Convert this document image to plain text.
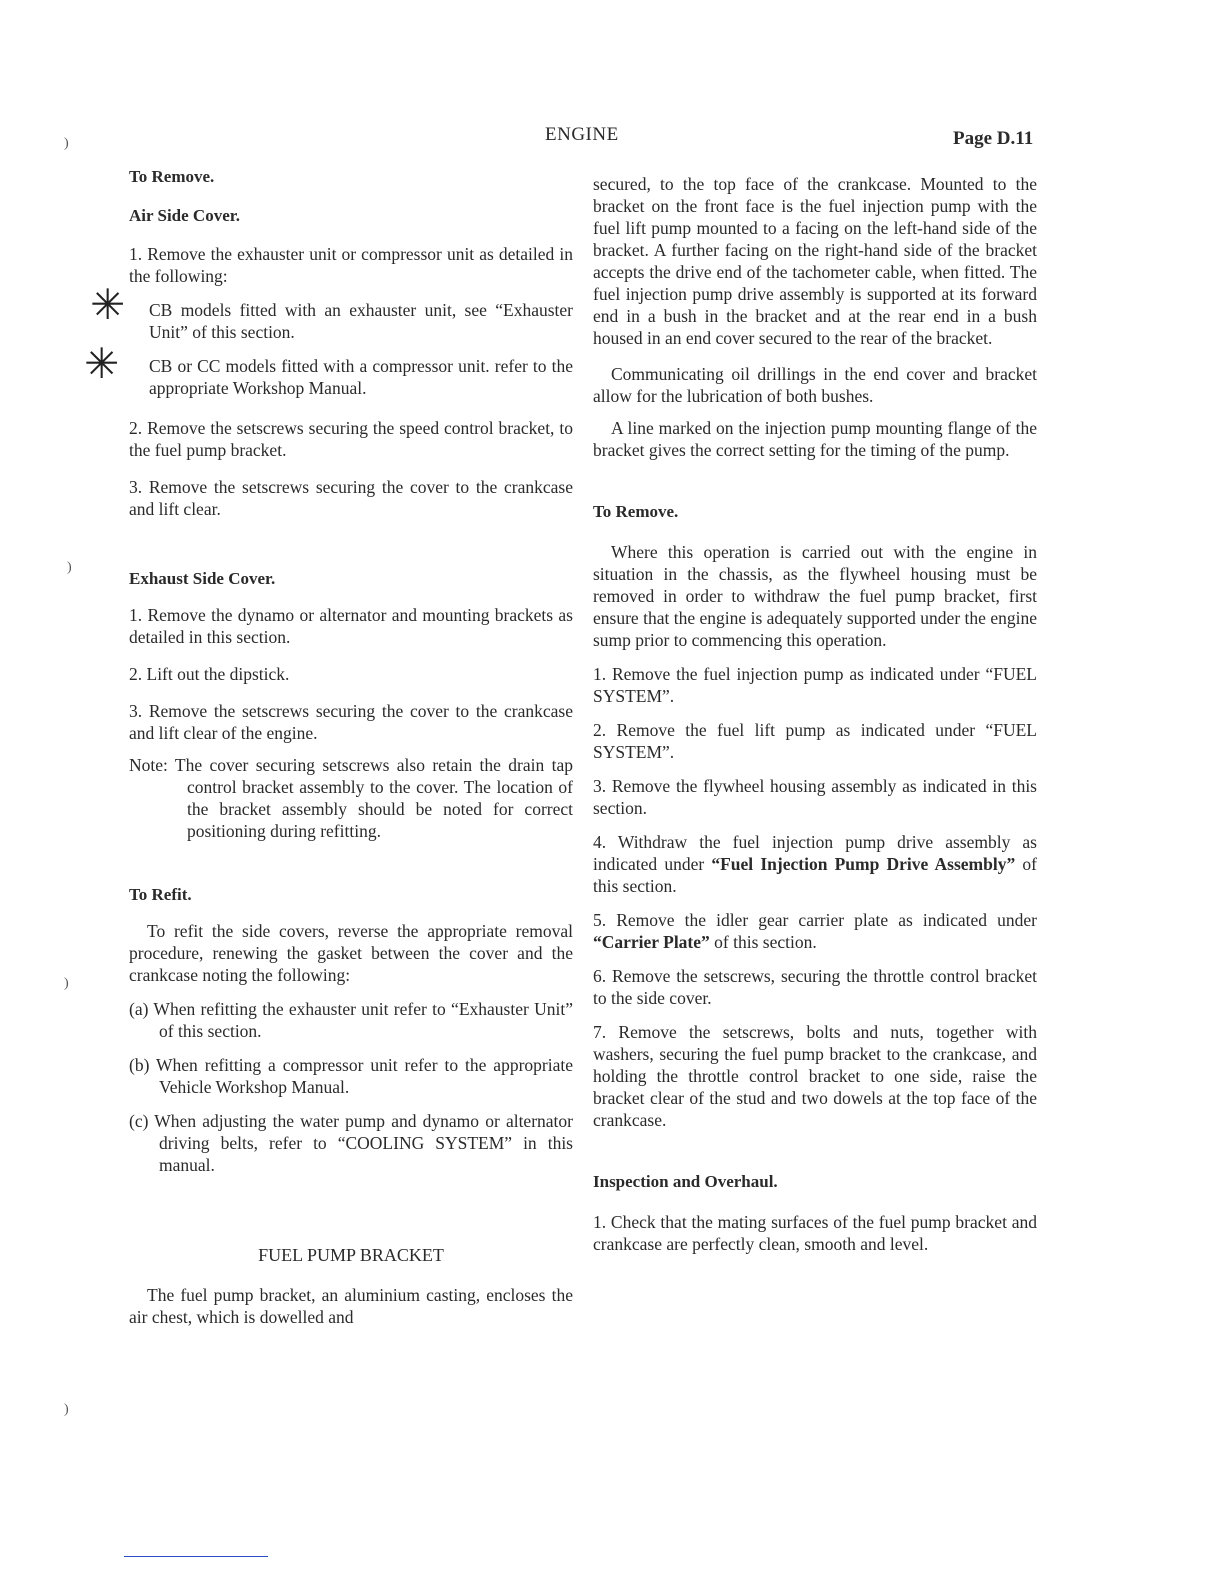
ENGINE	Page D.11
)
)
)
)
✳
✳

To Remove.

Air Side Cover.

1. Remove the exhauster unit or compressor unit as detailed in the following:

CB models fitted with an exhauster unit, see “Exhauster Unit” of this section.

CB or CC models fitted with a compressor unit. refer to the appropriate Workshop Manual.

2. Remove the setscrews securing the speed control bracket, to the fuel pump bracket.

3. Remove the setscrews securing the cover to the crankcase and lift clear.

Exhaust Side Cover.

1. Remove the dynamo or alternator and mounting brackets as detailed in this section.

2. Lift out the dipstick.

3. Remove the setscrews securing the cover to the crankcase and lift clear of the engine.

Note: The cover securing setscrews also retain the drain tap control bracket assembly to the cover. The location of the bracket assembly should be noted for correct positioning during refitting.

To Refit.

To refit the side covers, reverse the appropriate removal procedure, renewing the gasket between the cover and the crankcase noting the following:

(a) When refitting the exhauster unit refer to “Exhauster Unit” of this section.

(b) When refitting a compressor unit refer to the appropriate Vehicle Workshop Manual.

(c) When adjusting the water pump and dynamo or alternator driving belts, refer to “COOLING SYSTEM” in this manual.

FUEL PUMP BRACKET

The fuel pump bracket, an aluminium casting, encloses the air chest, which is dowelled and

secured, to the top face of the crankcase. Mounted to the bracket on the front face is the fuel injection pump with the fuel lift pump mounted to a facing on the left-hand side of the bracket. A further facing on the right-hand side of the bracket accepts the drive end of the tachometer cable, when fitted. The fuel injection pump drive assembly is supported at its forward end in a bush in the bracket and at the rear end in a bush housed in an end cover secured to the rear of the bracket.

Communicating oil drillings in the end cover and bracket allow for the lubrication of both bushes.

A line marked on the injection pump mounting flange of the bracket gives the correct setting for the timing of the pump.

To Remove.

Where this operation is carried out with the engine in situation in the chassis, as the flywheel housing must be removed in order to withdraw the fuel pump bracket, first ensure that the engine is adequately supported under the engine sump prior to commencing this operation.

1. Remove the fuel injection pump as indicated under “FUEL SYSTEM”.

2. Remove the fuel lift pump as indicated under “FUEL SYSTEM”.

3. Remove the flywheel housing assembly as indicated in this section.

4. Withdraw the fuel injection pump drive assembly as indicated under “Fuel Injection Pump Drive Assembly” of this section.

5. Remove the idler gear carrier plate as indicated under “Carrier Plate” of this section.

6. Remove the setscrews, securing the throttle control bracket to the side cover.

7. Remove the setscrews, bolts and nuts, together with washers, securing the fuel pump bracket to the crankcase, and holding the throttle control bracket to one side, raise the bracket clear of the stud and two dowels at the top face of the crankcase.

Inspection and Overhaul.

1. Check that the mating surfaces of the fuel pump bracket and crankcase are perfectly clean, smooth and level.
